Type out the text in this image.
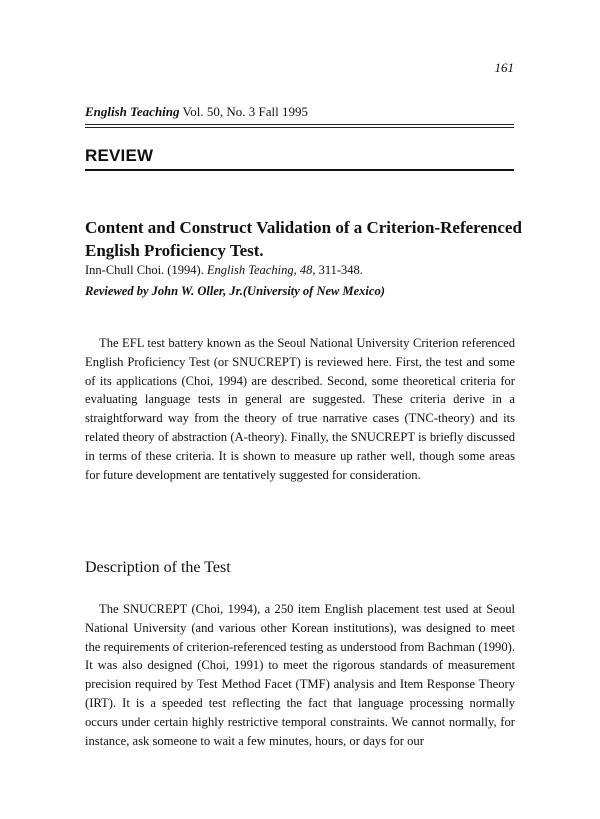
161
English Teaching Vol. 50, No. 3 Fall 1995
REVIEW
Content and Construct Validation of a Criterion-Referenced English Proficiency Test.
Inn-Chull Choi. (1994). English Teaching, 48, 311-348.
Reviewed by John W. Oller, Jr.(University of New Mexico)

The EFL test battery known as the Seoul National University Criterion referenced English Proficiency Test (or SNUCREPT) is reviewed here. First, the test and some of its applications (Choi, 1994) are described. Second, some theoretical criteria for evaluating language tests in general are suggested. These criteria derive in a straightforward way from the theory of true narrative cases (TNC-theory) and its related theory of abstraction (A-theory). Finally, the SNUCREPT is briefly discussed in terms of these criteria. It is shown to measure up rather well, though some areas for future development are tentatively suggested for consideration.

Description of the Test

The SNUCREPT (Choi, 1994), a 250 item English placement test used at Seoul National University (and various other Korean institutions), was designed to meet the requirements of criterion-referenced testing as understood from Bachman (1990). It was also designed (Choi, 1991) to meet the rigorous standards of measurement precision required by Test Method Facet (TMF) analysis and Item Response Theory (IRT). It is a speeded test reflecting the fact that language processing normally occurs under certain highly restrictive temporal constraints. We cannot normally, for instance, ask someone to wait a few minutes, hours, or days for our
